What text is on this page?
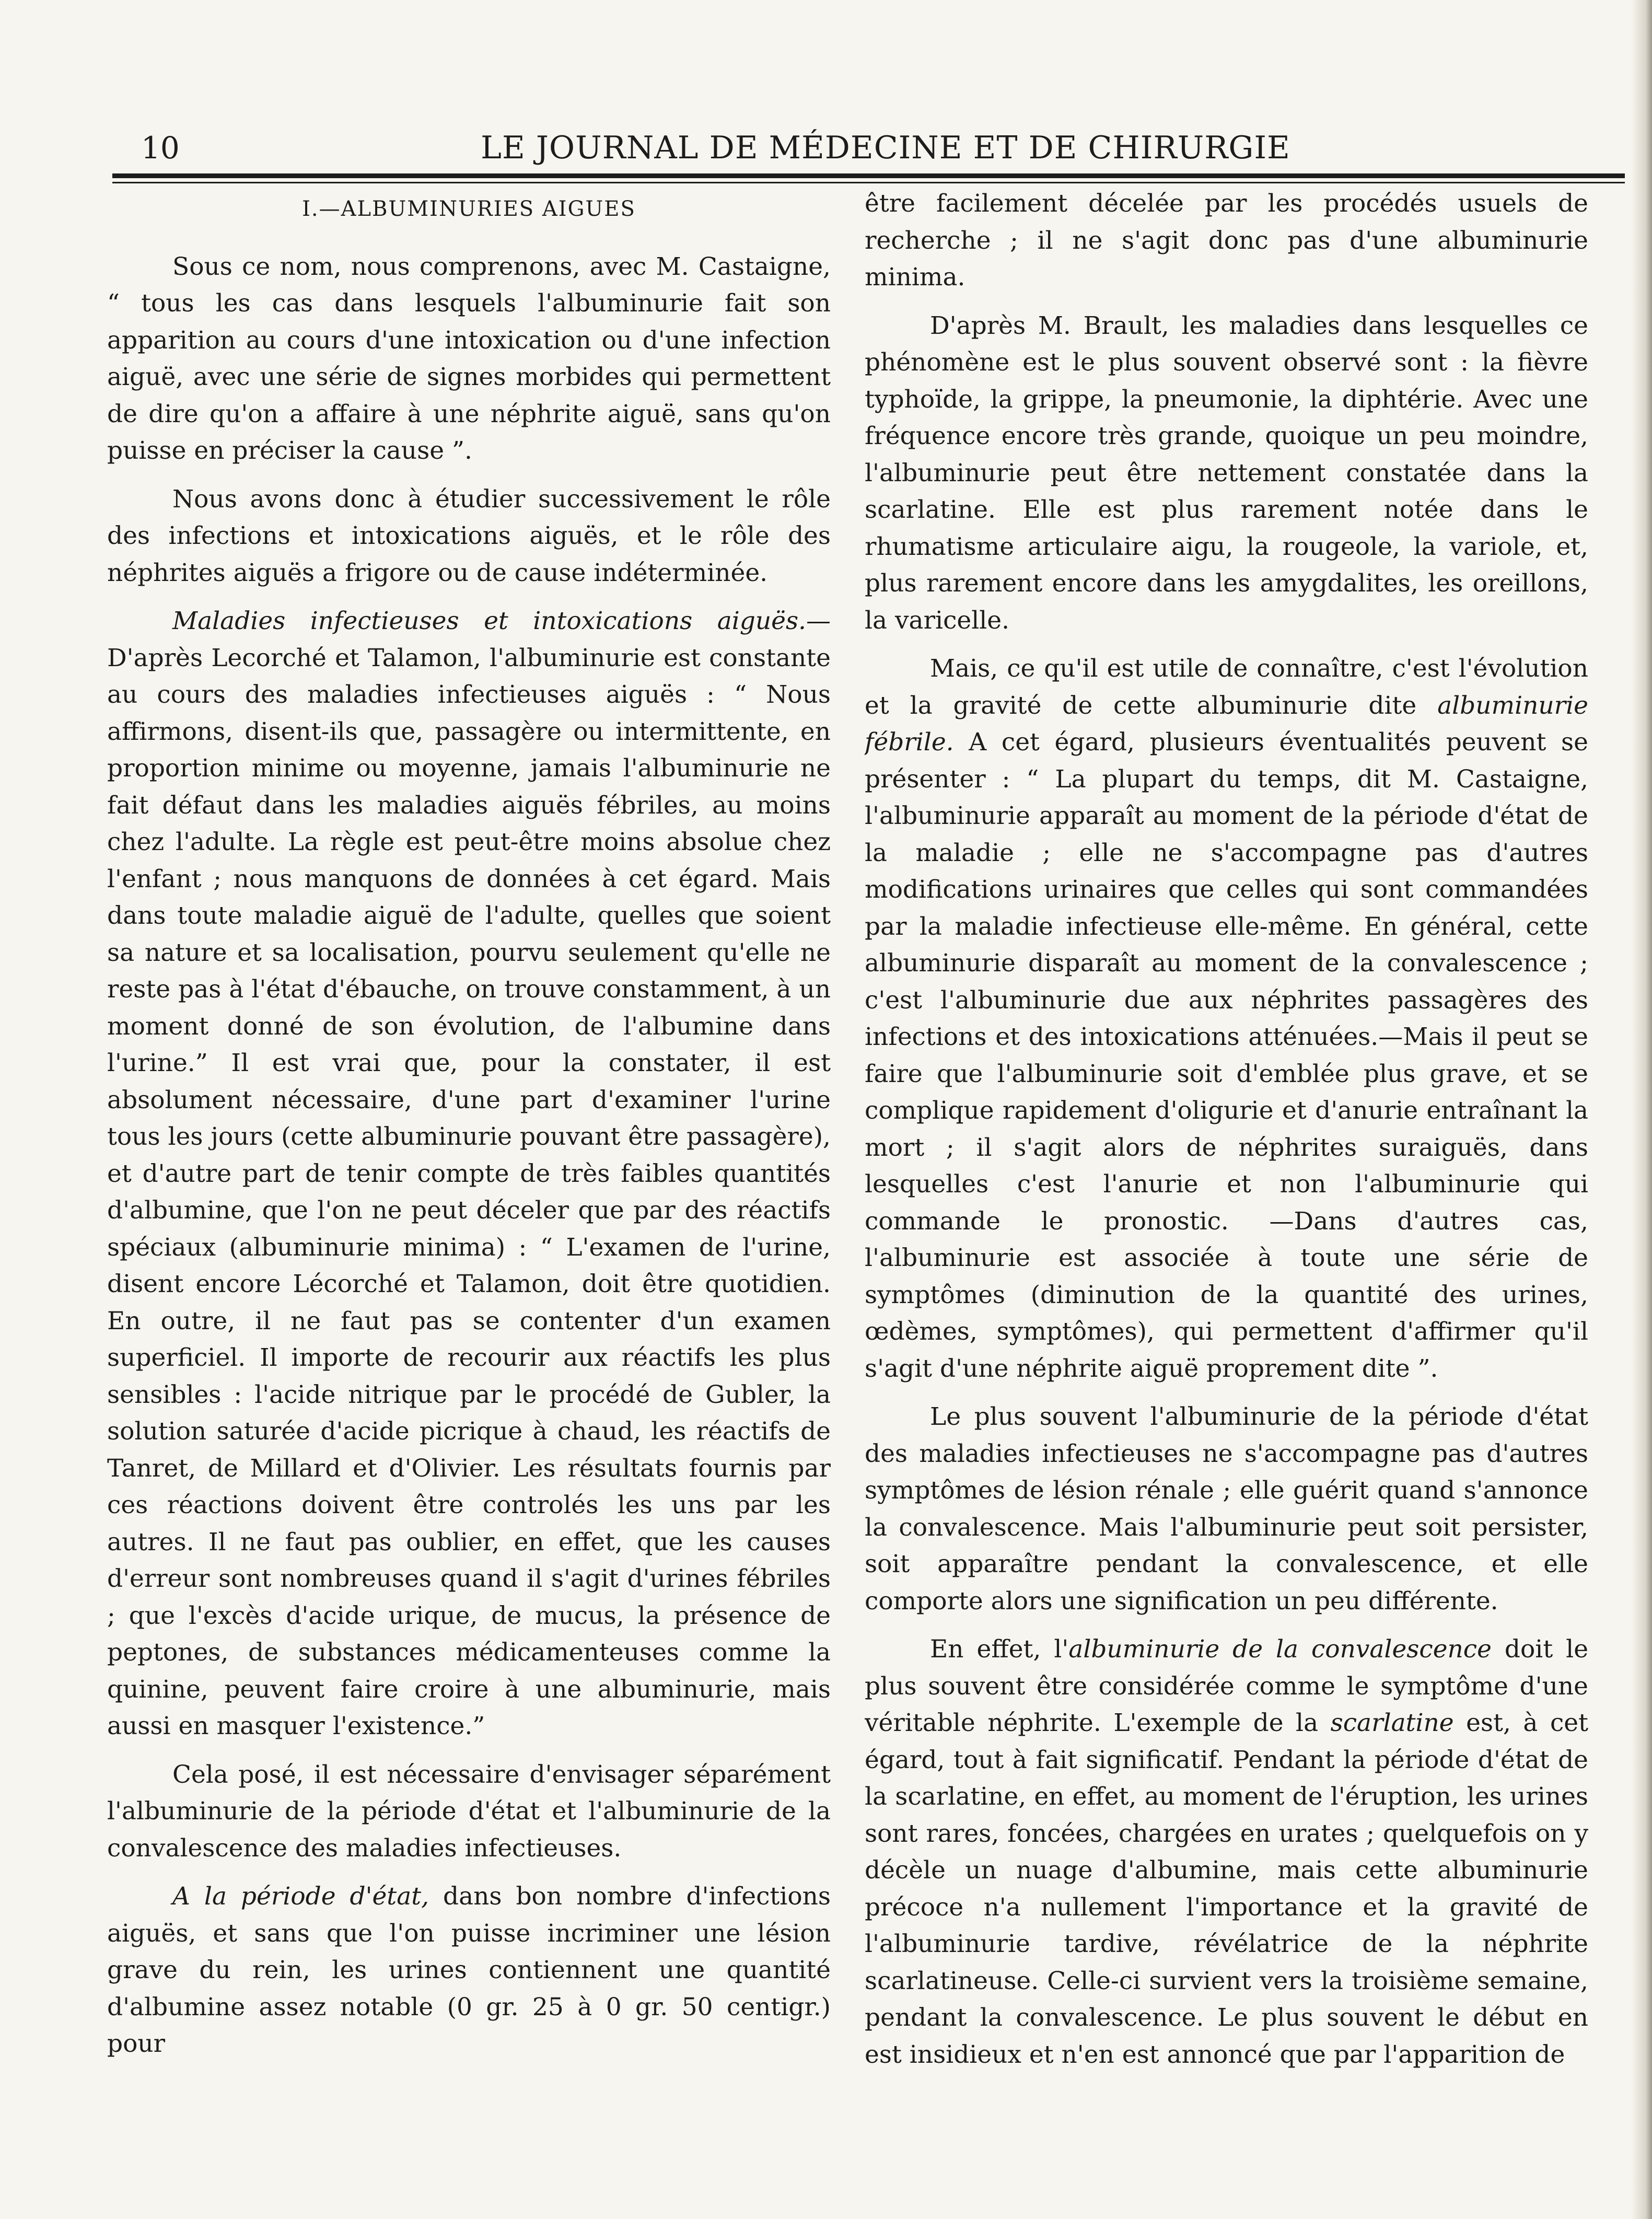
10	LE JOURNAL DE MÉDECINE ET DE CHIRURGIE
I.—ALBUMINURIES AIGUES

Sous ce nom, nous comprenons, avec M. Castaigne, “ tous les cas dans lesquels l'albuminurie fait son apparition au cours d'une intoxication ou d'une infection aiguë, avec une série de signes morbides qui permettent de dire qu'on a affaire à une néphrite aiguë, sans qu'on puisse en préciser la cause ”.

Nous avons donc à étudier successivement le rôle des infections et intoxications aiguës, et le rôle des néphrites aiguës a frigore ou de cause indéterminée.

Maladies infectieuses et intoxications aiguës.—D'après Lecorché et Talamon, l'albuminurie est constante au cours des maladies infectieuses aiguës : “ Nous affirmons, disent-ils que, passagère ou intermittente, en proportion minime ou moyenne, jamais l'albuminurie ne fait défaut dans les maladies aiguës fébriles, au moins chez l'adulte. La règle est peut-être moins absolue chez l'enfant ; nous manquons de données à cet égard. Mais dans toute maladie aiguë de l'adulte, quelles que soient sa nature et sa localisation, pourvu seulement qu'elle ne reste pas à l'état d'ébauche, on trouve constamment, à un moment donné de son évolution, de l'albumine dans l'urine.” Il est vrai que, pour la constater, il est absolument nécessaire, d'une part d'examiner l'urine tous les jours (cette albuminurie pouvant être passagère), et d'autre part de tenir compte de très faibles quantités d'albumine, que l'on ne peut déceler que par des réactifs spéciaux (albuminurie minima) : “ L'examen de l'urine, disent encore Lécorché et Talamon, doit être quotidien. En outre, il ne faut pas se contenter d'un examen superficiel. Il importe de recourir aux réactifs les plus sensibles : l'acide nitrique par le procédé de Gubler, la solution saturée d'acide picrique à chaud, les réactifs de Tanret, de Millard et d'Olivier. Les résultats fournis par ces réactions doivent être controlés les uns par les autres. Il ne faut pas oublier, en effet, que les causes d'erreur sont nombreuses quand il s'agit d'urines fébriles ; que l'excès d'acide urique, de mucus, la présence de peptones, de substances médicamenteuses comme la quinine, peuvent faire croire à une albuminurie, mais aussi en masquer l'existence.”

Cela posé, il est nécessaire d'envisager séparément l'albuminurie de la période d'état et l'albuminurie de la convalescence des maladies infectieuses.

A la période d'état, dans bon nombre d'infections aiguës, et sans que l'on puisse incriminer une lésion grave du rein, les urines contiennent une quantité d'albumine assez notable (0 gr. 25 à 0 gr. 50 centigr.) pour

être facilement décelée par les procédés usuels de recherche ; il ne s'agit donc pas d'une albuminurie minima.

D'après M. Brault, les maladies dans lesquelles ce phénomène est le plus souvent observé sont : la fièvre typhoïde, la grippe, la pneumonie, la diphtérie. Avec une fréquence encore très grande, quoique un peu moindre, l'albuminurie peut être nettement constatée dans la scarlatine. Elle est plus rarement notée dans le rhumatisme articulaire aigu, la rougeole, la variole, et, plus rarement encore dans les amygdalites, les oreillons, la varicelle.

Mais, ce qu'il est utile de connaître, c'est l'évolution et la gravité de cette albuminurie dite albuminurie fébrile. A cet égard, plusieurs éventualités peuvent se présenter : “ La plupart du temps, dit M. Castaigne, l'albuminurie apparaît au moment de la période d'état de la maladie ; elle ne s'accompagne pas d'autres modifications urinaires que celles qui sont commandées par la maladie infectieuse elle-même. En général, cette albuminurie disparaît au moment de la convalescence ; c'est l'albuminurie due aux néphrites passagères des infections et des intoxications atténuées.—Mais il peut se faire que l'albuminurie soit d'emblée plus grave, et se complique rapidement d'oligurie et d'anurie entraînant la mort ; il s'agit alors de néphrites suraiguës, dans lesquelles c'est l'anurie et non l'albuminurie qui commande le pronostic. —Dans d'autres cas, l'albuminurie est associée à toute une série de symptômes (diminution de la quantité des urines, œdèmes, symptômes), qui permettent d'affirmer qu'il s'agit d'une néphrite aiguë proprement dite ”.

Le plus souvent l'albuminurie de la période d'état des maladies infectieuses ne s'accompagne pas d'autres symptômes de lésion rénale ; elle guérit quand s'annonce la convalescence. Mais l'albuminurie peut soit persister, soit apparaître pendant la convalescence, et elle comporte alors une signification un peu différente.

En effet, l'albuminurie de la convalescence doit le plus souvent être considérée comme le symptôme d'une véritable néphrite. L'exemple de la scarlatine est, à cet égard, tout à fait significatif. Pendant la période d'état de la scarlatine, en effet, au moment de l'éruption, les urines sont rares, foncées, chargées en urates ; quelquefois on y décèle un nuage d'albumine, mais cette albuminurie précoce n'a nullement l'importance et la gravité de l'albuminurie tardive, révélatrice de la néphrite scarlatineuse. Celle-ci survient vers la troisième semaine, pendant la convalescence. Le plus souvent le début en est insidieux et n'en est annoncé que par l'apparition de
